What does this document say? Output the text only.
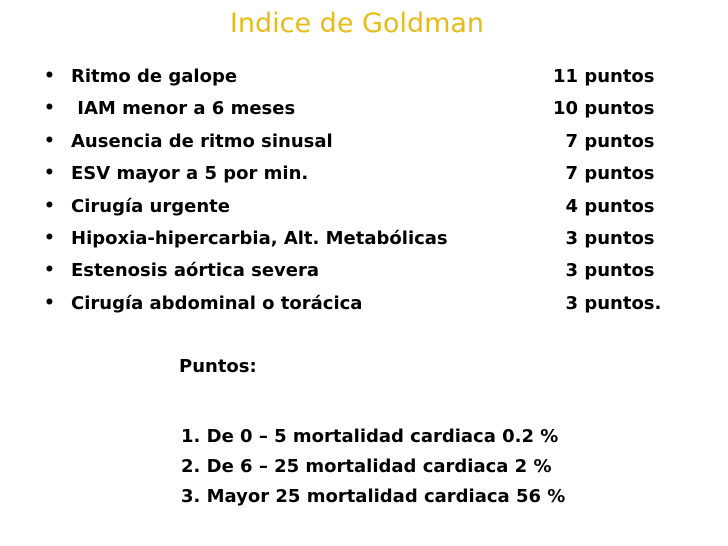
Indice de Goldman
• Ritmo de galope	11 puntos
• IAM menor a 6 meses	10 puntos
• Ausencia de ritmo sinusal	7 puntos
• ESV mayor a 5 por min.	7 puntos
• Cirugía urgente	4 puntos
• Hipoxia-hipercarbia, Alt. Metabólicas	3 puntos
• Estenosis aórtica severa	3 puntos
• Cirugía abdominal o torácica	3 puntos.
Puntos:
1. De 0 – 5 mortalidad cardiaca 0.2 %
2. De 6 – 25 mortalidad cardiaca 2 %
3. Mayor 25 mortalidad cardiaca 56 %
